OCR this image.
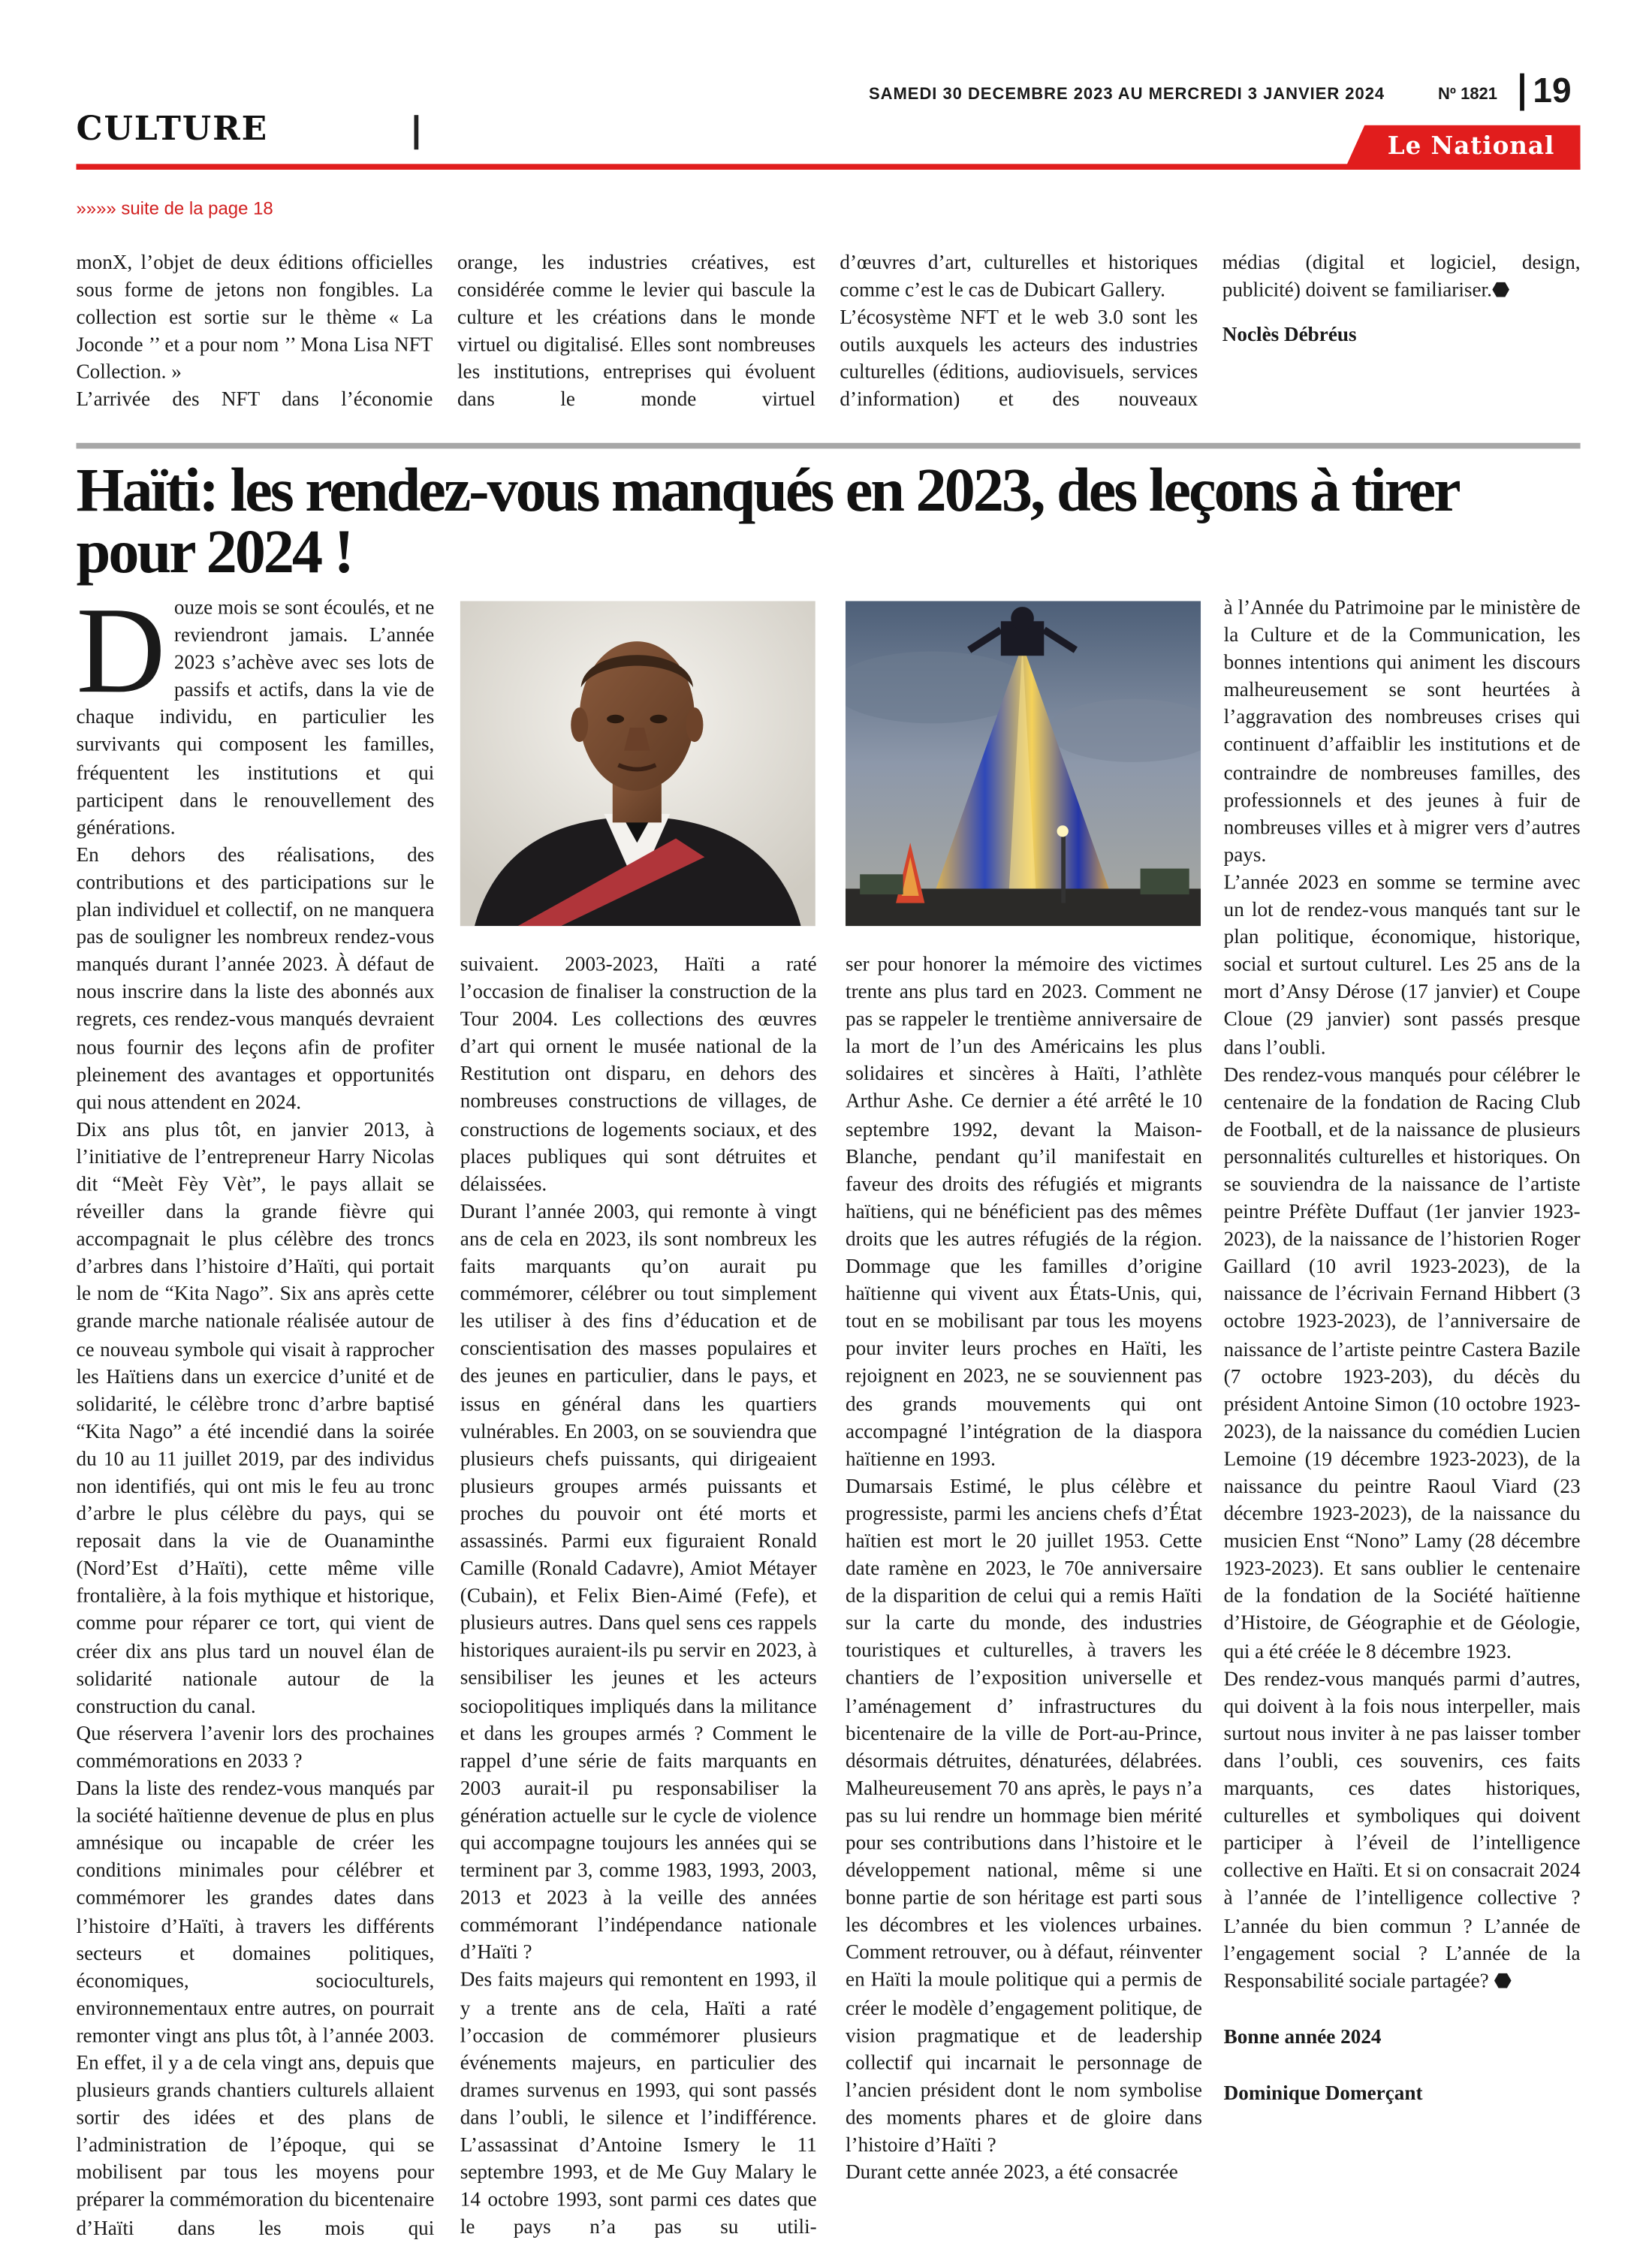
CULTURE
SAMEDI 30 DECEMBRE 2023 AU MERCREDI 3 JANVIER 2024	Nº 1821 19
Le National
»»»» suite de la page 18

monX, l’objet de deux éditions officielles sous forme de jetons non fongibles. La collection est sortie sur le thème « La Joconde ’’ et a pour nom ’’ Mona Lisa NFT Collection. »

L’arrivée des NFT dans l’économie

orange, les industries créatives, est considérée comme le levier qui bascule la culture et les créations dans le monde virtuel ou digitalisé. Elles sont nombreuses les institutions, entreprises qui évoluent dans le monde virtuel

d’œuvres d’art, culturelles et historiques comme c’est le cas de Dubicart Gallery.

L’écosystème NFT et le web 3.0 sont les outils auxquels les acteurs des industries culturelles (éditions, audiovisuels, services d’information) et des nouveaux

médias (digital et logiciel, design, publicité) doivent se familiariser.⬣

Noclès Débréus

Haïti: les rendez-vous manqués en 2023, des leçons à tirer pour 2024 !

Douze mois se sont écoulés, et ne reviendront jamais. L’année 2023 s’achève avec ses lots de passifs et actifs, dans la vie de chaque individu, en particulier les survivants qui composent les familles, fréquentent les institutions et qui participent dans le renouvellement des générations.

En dehors des réalisations, des contributions et des participations sur le plan individuel et collectif, on ne manquera pas de souligner les nombreux rendez-vous manqués durant l’année 2023. À défaut de nous inscrire dans la liste des abonnés aux regrets, ces rendez-vous manqués devraient nous fournir des leçons afin de profiter pleinement des avantages et opportunités qui nous attendent en 2024.

Dix ans plus tôt, en janvier 2013, à l’initiative de l’entrepreneur Harry Nicolas dit “Meèt Fèy Vèt”, le pays allait se réveiller dans la grande fièvre qui accompagnait le plus célèbre des troncs d’arbres dans l’histoire d’Haïti, qui portait le nom de “Kita Nago”. Six ans après cette grande marche nationale réalisée autour de ce nouveau symbole qui visait à rapprocher les Haïtiens dans un exercice d’unité et de solidarité, le célèbre tronc d’arbre baptisé “Kita Nago” a été incendié dans la soirée du 10 au 11 juillet 2019, par des individus non identifiés, qui ont mis le feu au tronc d’arbre le plus célèbre du pays, qui se reposait dans la vie de Ouanaminthe (Nord’Est d’Haïti), cette même ville frontalière, à la fois mythique et historique, comme pour réparer ce tort, qui vient de créer dix ans plus tard un nouvel élan de solidarité nationale autour de la construction du canal.

Que réservera l’avenir lors des prochaines commémorations en 2033 ?

Dans la liste des rendez-vous manqués par la société haïtienne devenue de plus en plus amnésique ou incapable de créer les conditions minimales pour célébrer et commémorer les grandes dates dans l’histoire d’Haïti, à travers les différents secteurs et domaines politiques, économiques, socioculturels, environnementaux entre autres, on pourrait remonter vingt ans plus tôt, à l’année 2003. En effet, il y a de cela vingt ans, depuis que plusieurs grands chantiers culturels allaient sortir des idées et des plans de l’administration de l’époque, qui se mobilisent par tous les moyens pour préparer la commémoration du bicentenaire d’Haïti dans les mois qui

suivaient. 2003-2023, Haïti a raté l’occasion de finaliser la construction de la Tour 2004. Les collections des œuvres d’art qui ornent le musée national de la Restitution ont disparu, en dehors des nombreuses constructions de villages, de constructions de logements sociaux, et des places publiques qui sont détruites et délaissées.

Durant l’année 2003, qui remonte à vingt ans de cela en 2023, ils sont nombreux les faits marquants qu’on aurait pu commémorer, célébrer ou tout simplement les utiliser à des fins d’éducation et de conscientisation des masses populaires et des jeunes en particulier, dans le pays, et issus en général dans les quartiers vulnérables. En 2003, on se souviendra que plusieurs chefs puissants, qui dirigeaient plusieurs groupes armés puissants et proches du pouvoir ont été morts et assassinés. Parmi eux figuraient Ronald Camille (Ronald Cadavre), Amiot Métayer (Cubain), et Felix Bien-Aimé (Fefe), et plusieurs autres. Dans quel sens ces rappels historiques auraient-ils pu servir en 2023, à sensibiliser les jeunes et les acteurs sociopolitiques impliqués dans la militance et dans les groupes armés ? Comment le rappel d’une série de faits marquants en 2003 aurait-il pu responsabiliser la génération actuelle sur le cycle de violence qui accompagne toujours les années qui se terminent par 3, comme 1983, 1993, 2003, 2013 et 2023 à la veille des années commémorant l’indépendance nationale d’Haïti ?

Des faits majeurs qui remontent en 1993, il y a trente ans de cela, Haïti a raté l’occasion de commémorer plusieurs événements majeurs, en particulier des drames survenus en 1993, qui sont passés dans l’oubli, le silence et l’indifférence. L’assassinat d’Antoine Ismery le 11 septembre 1993, et de Me Guy Malary le 14 octobre 1993, sont parmi ces dates que le pays n’a pas su utili-

ser pour honorer la mémoire des victimes trente ans plus tard en 2023. Comment ne pas se rappeler le trentième anniversaire de la mort de l’un des Américains les plus solidaires et sincères à Haïti, l’athlète Arthur Ashe. Ce dernier a été arrêté le 10 septembre 1992, devant la Maison-Blanche, pendant qu’il manifestait en faveur des droits des réfugiés et migrants haïtiens, qui ne bénéficient pas des mêmes droits que les autres réfugiés de la région. Dommage que les familles d’origine haïtienne qui vivent aux États-Unis, qui, tout en se mobilisant par tous les moyens pour inviter leurs proches en Haïti, les rejoignent en 2023, ne se souviennent pas des grands mouvements qui ont accompagné l’intégration de la diaspora haïtienne en 1993.

Dumarsais Estimé, le plus célèbre et progressiste, parmi les anciens chefs d’État haïtien est mort le 20 juillet 1953. Cette date ramène en 2023, le 70e anniversaire de la disparition de celui qui a remis Haïti sur la carte du monde, des industries touristiques et culturelles, à travers les chantiers de l’exposition universelle et l’aménagement d’ infrastructures du bicentenaire de la ville de Port-au-Prince, désormais détruites, dénaturées, délabrées. Malheureusement 70 ans après, le pays n’a pas su lui rendre un hommage bien mérité pour ses contributions dans l’histoire et le développement national, même si une bonne partie de son héritage est parti sous les décombres et les violences urbaines. Comment retrouver, ou à défaut, réinventer en Haïti la moule politique qui a permis de créer le modèle d’engagement politique, de vision pragmatique et de leadership collectif qui incarnait le personnage de l’ancien président dont le nom symbolise des moments phares et de gloire dans l’histoire d’Haïti ?

Durant cette année 2023, a été consacrée

à l’Année du Patrimoine par le ministère de la Culture et de la Communication, les bonnes intentions qui animent les discours malheureusement se sont heurtées à l’aggravation des nombreuses crises qui continuent d’affaiblir les institutions et de contraindre de nombreuses familles, des professionnels et des jeunes à fuir de nombreuses villes et à migrer vers d’autres pays.

L’année 2023 en somme se termine avec un lot de rendez-vous manqués tant sur le plan politique, économique, historique, social et surtout culturel. Les 25 ans de la mort d’Ansy Dérose (17 janvier) et Coupe Cloue (29 janvier) sont passés presque dans l’oubli.

Des rendez-vous manqués pour célébrer le centenaire de la fondation de Racing Club de Football, et de la naissance de plusieurs personnalités culturelles et historiques. On se souviendra de la naissance de l’artiste peintre Préfète Duffaut (1er janvier 1923-2023), de la naissance de l’historien Roger Gaillard (10 avril 1923-2023), de la naissance de l’écrivain Fernand Hibbert (3 octobre 1923-2023), de l’anniversaire de naissance de l’artiste peintre Castera Bazile (7 octobre 1923-203), du décès du président Antoine Simon (10 octobre 1923-2023), de la naissance du comédien Lucien Lemoine (19 décembre 1923-2023), de la naissance du peintre Raoul Viard (23 décembre 1923-2023), de la naissance du musicien Enst “Nono” Lamy (28 décembre 1923-2023). Et sans oublier le centenaire de la fondation de la Société haïtienne d’Histoire, de Géographie et de Géologie, qui a été créée le 8 décembre 1923.

Des rendez-vous manqués parmi d’autres, qui doivent à la fois nous interpeller, mais surtout nous inviter à ne pas laisser tomber dans l’oubli, ces souvenirs, ces faits marquants, ces dates historiques, culturelles et symboliques qui doivent participer à l’éveil de l’intelligence collective en Haïti. Et si on consacrait 2024 à l’année de l’intelligence collective ? L’année du bien commun ? L’année de l’engagement social ? L’année de la Responsabilité sociale partagée? ⬣

Bonne année 2024

Dominique Domerçant
